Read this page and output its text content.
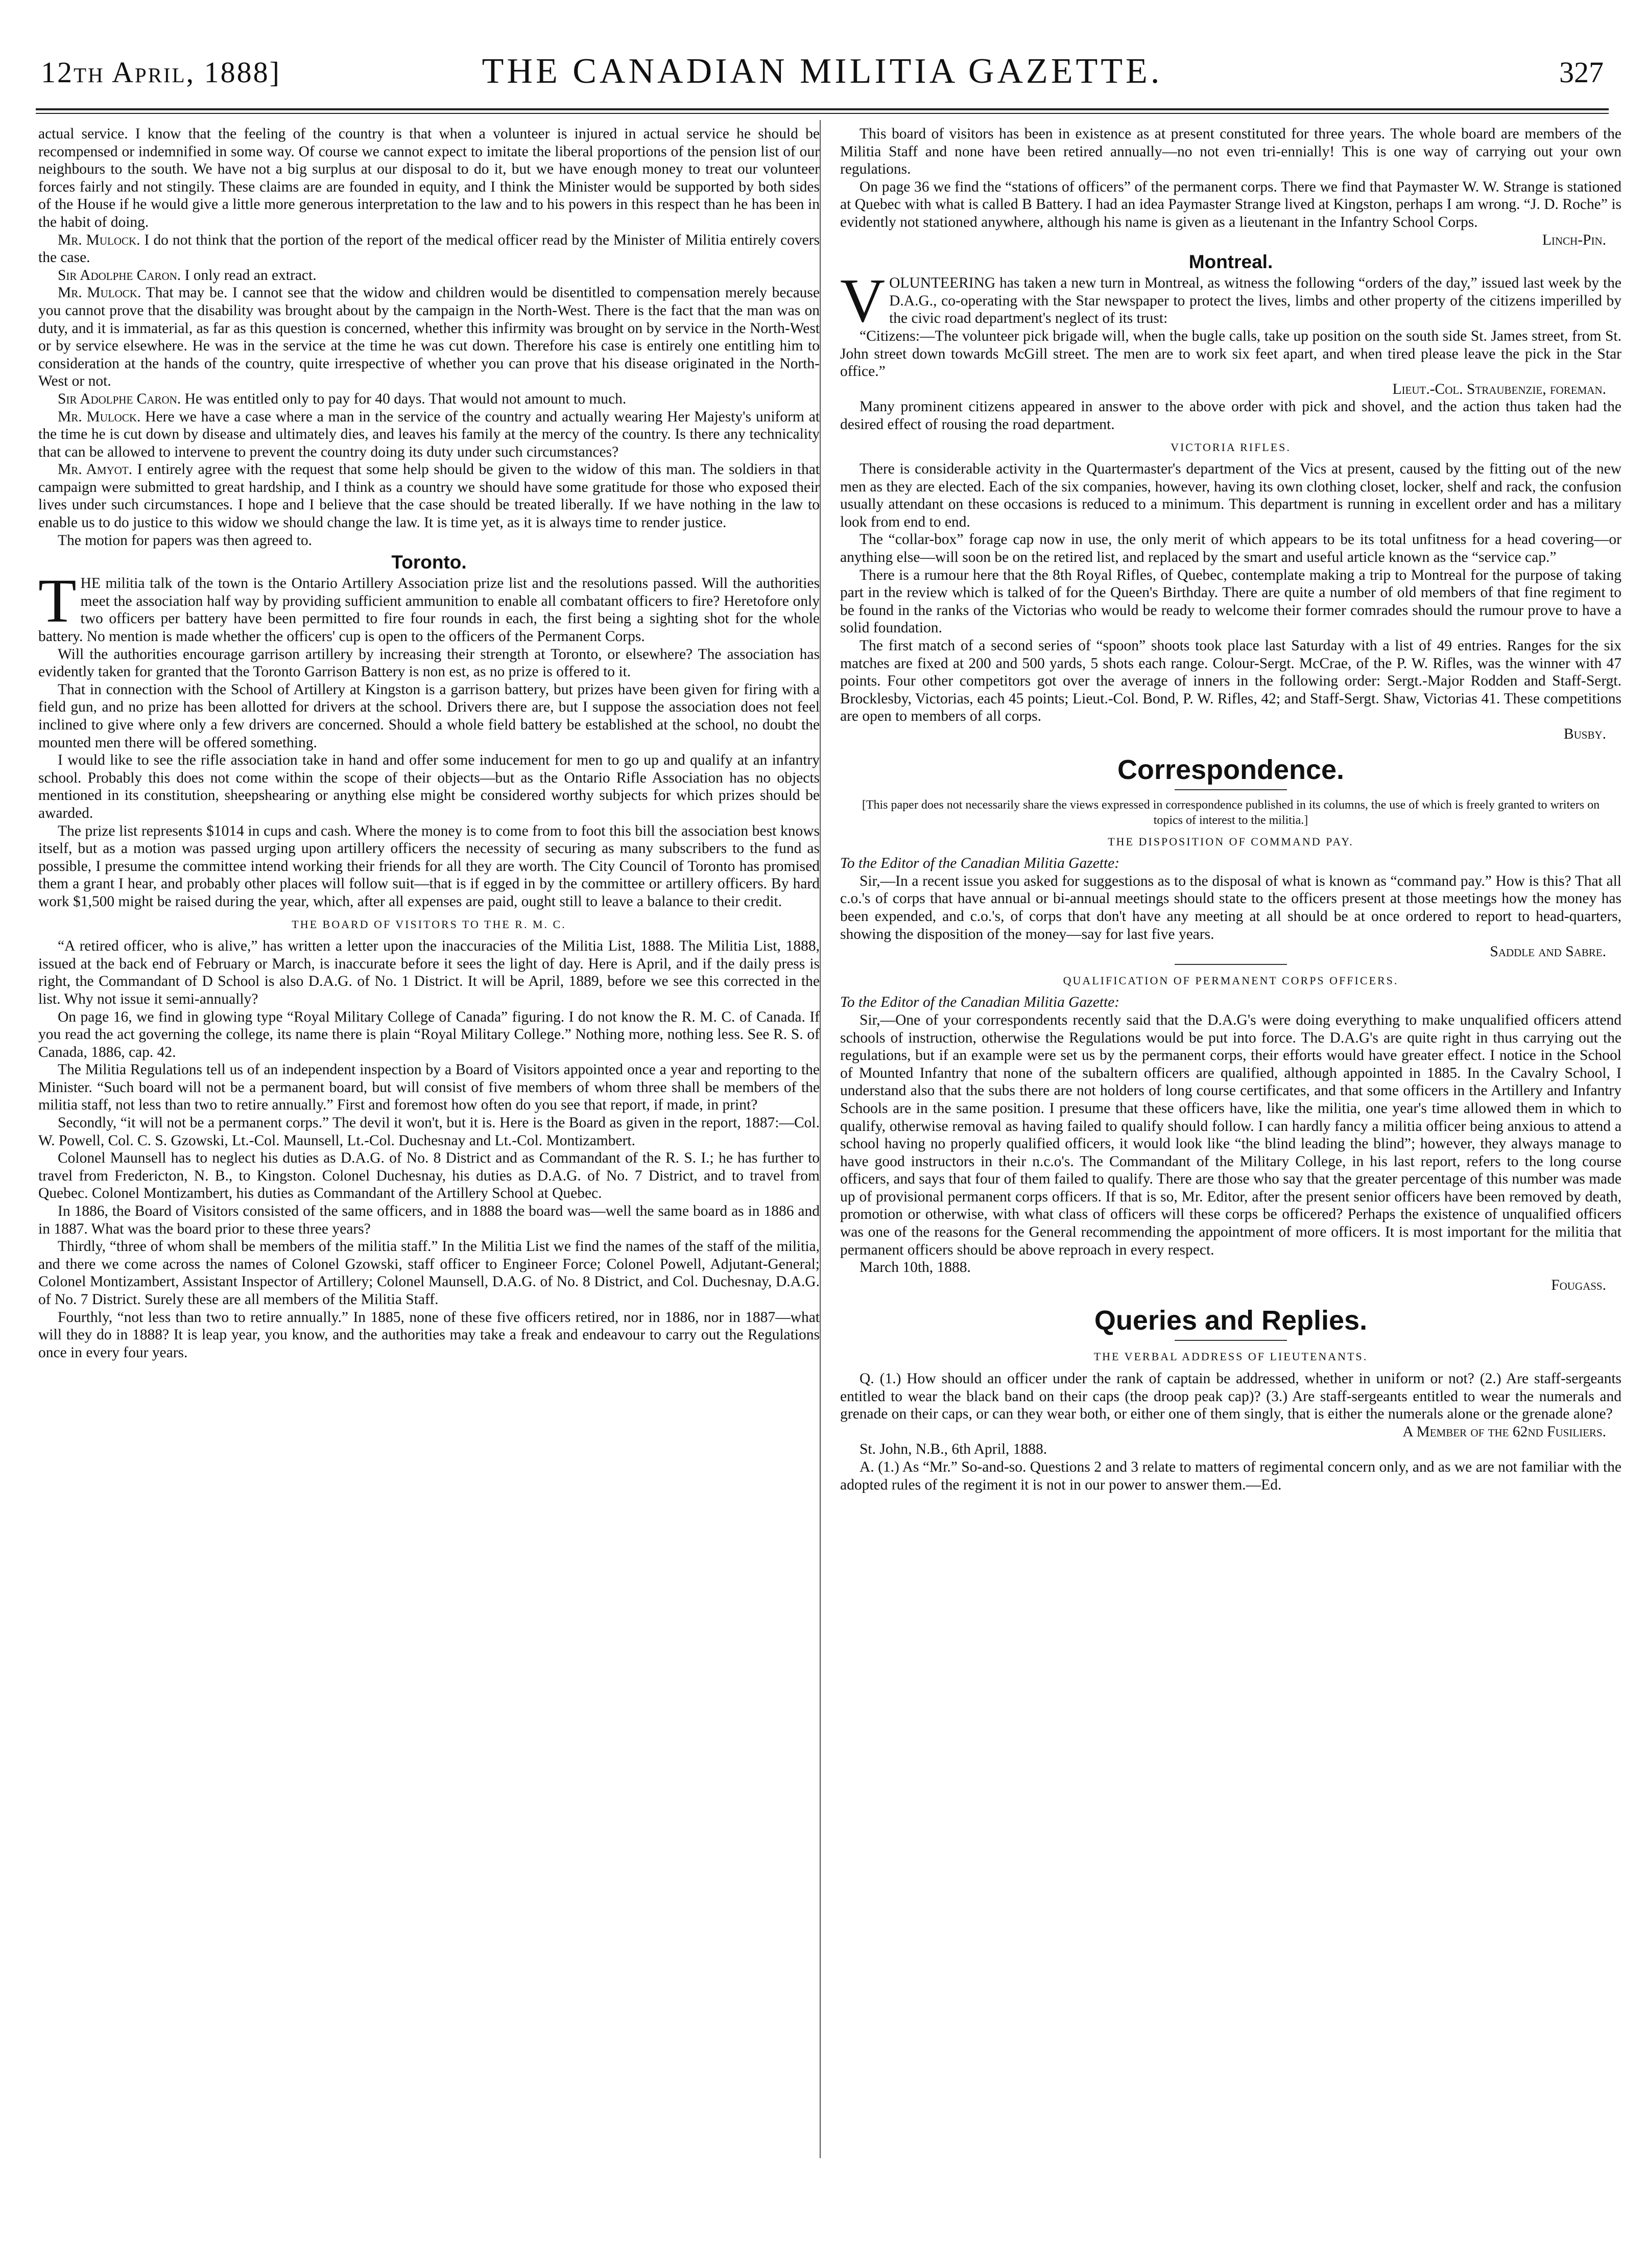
12th April, 1888]	THE CANADIAN MILITIA GAZETTE.	327

actual service. I know that the feeling of the country is that when a volunteer is injured in actual service he should be recompensed or indemnified in some way. Of course we cannot expect to imitate the liberal proportions of the pension list of our neighbours to the south. We have not a big surplus at our disposal to do it, but we have enough money to treat our volunteer forces fairly and not stingily. These claims are are founded in equity, and I think the Minister would be supported by both sides of the House if he would give a little more generous interpretation to the law and to his powers in this respect than he has been in the habit of doing.

Mr. Mulock. I do not think that the portion of the report of the medical officer read by the Minister of Militia entirely covers the case.

Sir Adolphe Caron. I only read an extract.

Mr. Mulock. That may be. I cannot see that the widow and children would be disentitled to compensation merely because you cannot prove that the disability was brought about by the campaign in the North-West. There is the fact that the man was on duty, and it is immaterial, as far as this question is concerned, whether this infirmity was brought on by service in the North-West or by service elsewhere. He was in the service at the time he was cut down. Therefore his case is entirely one entitling him to consideration at the hands of the country, quite irrespective of whether you can prove that his disease originated in the North-West or not.

Sir Adolphe Caron. He was entitled only to pay for 40 days. That would not amount to much.

Mr. Mulock. Here we have a case where a man in the service of the country and actually wearing Her Majesty's uniform at the time he is cut down by disease and ultimately dies, and leaves his family at the mercy of the country. Is there any technicality that can be allowed to intervene to prevent the country doing its duty under such circumstances?

Mr. Amyot. I entirely agree with the request that some help should be given to the widow of this man. The soldiers in that campaign were submitted to great hardship, and I think as a country we should have some gratitude for those who exposed their lives under such circumstances. I hope and I believe that the case should be treated liberally. If we have nothing in the law to enable us to do justice to this widow we should change the law. It is time yet, as it is always time to render justice.

The motion for papers was then agreed to.

Toronto.

THE militia talk of the town is the Ontario Artillery Association prize list and the resolutions passed. Will the authorities meet the association half way by providing sufficient ammunition to enable all combatant officers to fire? Heretofore only two officers per battery have been permitted to fire four rounds in each, the first being a sighting shot for the whole battery. No mention is made whether the officers' cup is open to the officers of the Permanent Corps.

Will the authorities encourage garrison artillery by increasing their strength at Toronto, or elsewhere? The association has evidently taken for granted that the Toronto Garrison Battery is non est, as no prize is offered to it.

That in connection with the School of Artillery at Kingston is a garrison battery, but prizes have been given for firing with a field gun, and no prize has been allotted for drivers at the school. Drivers there are, but I suppose the association does not feel inclined to give where only a few drivers are concerned. Should a whole field battery be established at the school, no doubt the mounted men there will be offered something.

I would like to see the rifle association take in hand and offer some inducement for men to go up and qualify at an infantry school. Probably this does not come within the scope of their objects—but as the Ontario Rifle Association has no objects mentioned in its constitution, sheepshearing or anything else might be considered worthy subjects for which prizes should be awarded.

The prize list represents $1014 in cups and cash. Where the money is to come from to foot this bill the association best knows itself, but as a motion was passed urging upon artillery officers the necessity of securing as many subscribers to the fund as possible, I presume the committee intend working their friends for all they are worth. The City Council of Toronto has promised them a grant I hear, and probably other places will follow suit—that is if egged in by the committee or artillery officers. By hard work $1,500 might be raised during the year, which, after all expenses are paid, ought still to leave a balance to their credit.

THE BOARD OF VISITORS TO THE R. M. C.

“A retired officer, who is alive,” has written a letter upon the inaccuracies of the Militia List, 1888. The Militia List, 1888, issued at the back end of February or March, is inaccurate before it sees the light of day. Here is April, and if the daily press is right, the Commandant of D School is also D.A.G. of No. 1 District. It will be April, 1889, before we see this corrected in the list. Why not issue it semi-annually?

On page 16, we find in glowing type “Royal Military College of Canada” figuring. I do not know the R. M. C. of Canada. If you read the act governing the college, its name there is plain “Royal Military College.” Nothing more, nothing less. See R. S. of Canada, 1886, cap. 42.

The Militia Regulations tell us of an independent inspection by a Board of Visitors appointed once a year and reporting to the Minister. “Such board will not be a permanent board, but will consist of five members of whom three shall be members of the militia staff, not less than two to retire annually.” First and foremost how often do you see that report, if made, in print?

Secondly, “it will not be a permanent corps.” The devil it won't, but it is. Here is the Board as given in the report, 1887:—Col. W. Powell, Col. C. S. Gzowski, Lt.-Col. Maunsell, Lt.-Col. Duchesnay and Lt.-Col. Montizambert.

Colonel Maunsell has to neglect his duties as D.A.G. of No. 8 District and as Commandant of the R. S. I.; he has further to travel from Fredericton, N. B., to Kingston. Colonel Duchesnay, his duties as D.A.G. of No. 7 District, and to travel from Quebec. Colonel Montizambert, his duties as Commandant of the Artillery School at Quebec.

In 1886, the Board of Visitors consisted of the same officers, and in 1888 the board was—well the same board as in 1886 and in 1887. What was the board prior to these three years?

Thirdly, “three of whom shall be members of the militia staff.” In the Militia List we find the names of the staff of the militia, and there we come across the names of Colonel Gzowski, staff officer to Engineer Force; Colonel Powell, Adjutant-General; Colonel Montizambert, Assistant Inspector of Artillery; Colonel Maunsell, D.A.G. of No. 8 District, and Col. Duchesnay, D.A.G. of No. 7 District. Surely these are all members of the Militia Staff.

Fourthly, “not less than two to retire annually.” In 1885, none of these five officers retired, nor in 1886, nor in 1887—what will they do in 1888? It is leap year, you know, and the authorities may take a freak and endeavour to carry out the Regulations once in every four years.

This board of visitors has been in existence as at present constituted for three years. The whole board are members of the Militia Staff and none have been retired annually—no not even tri-ennially! This is one way of carrying out your own regulations.

On page 36 we find the “stations of officers” of the permanent corps. There we find that Paymaster W. W. Strange is stationed at Quebec with what is called B Battery. I had an idea Paymaster Strange lived at Kingston, perhaps I am wrong. “J. D. Roche” is evidently not stationed anywhere, although his name is given as a lieutenant in the Infantry School Corps.

Linch-Pin.
Montreal.

VOLUNTEERING has taken a new turn in Montreal, as witness the following “orders of the day,” issued last week by the D.A.G., co-operating with the Star newspaper to protect the lives, limbs and other property of the citizens imperilled by the civic road department's neglect of its trust:

“Citizens:—The volunteer pick brigade will, when the bugle calls, take up position on the south side St. James street, from St. John street down towards McGill street. The men are to work six feet apart, and when tired please leave the pick in the Star office.”

Lieut.-Col. Straubenzie, foreman.

Many prominent citizens appeared in answer to the above order with pick and shovel, and the action thus taken had the desired effect of rousing the road department.

VICTORIA RIFLES.

There is considerable activity in the Quartermaster's department of the Vics at present, caused by the fitting out of the new men as they are elected. Each of the six companies, however, having its own clothing closet, locker, shelf and rack, the confusion usually attendant on these occasions is reduced to a minimum. This department is running in excellent order and has a military look from end to end.

The “collar-box” forage cap now in use, the only merit of which appears to be its total unfitness for a head covering—or anything else—will soon be on the retired list, and replaced by the smart and useful article known as the “service cap.”

There is a rumour here that the 8th Royal Rifles, of Quebec, contemplate making a trip to Montreal for the purpose of taking part in the review which is talked of for the Queen's Birthday. There are quite a number of old members of that fine regiment to be found in the ranks of the Victorias who would be ready to welcome their former comrades should the rumour prove to have a solid foundation.

The first match of a second series of “spoon” shoots took place last Saturday with a list of 49 entries. Ranges for the six matches are fixed at 200 and 500 yards, 5 shots each range. Colour-Sergt. McCrae, of the P. W. Rifles, was the winner with 47 points. Four other competitors got over the average of inners in the following order: Sergt.-Major Rodden and Staff-Sergt. Brocklesby, Victorias, each 45 points; Lieut.-Col. Bond, P. W. Rifles, 42; and Staff-Sergt. Shaw, Victorias 41. These competitions are open to members of all corps.

Busby.
Correspondence.
[This paper does not necessarily share the views expressed in correspondence published in its columns, the use of which is freely granted to writers on topics of interest to the militia.]
THE DISPOSITION OF COMMAND PAY.

To the Editor of the Canadian Militia Gazette:

Sir,—In a recent issue you asked for suggestions as to the disposal of what is known as “command pay.” How is this? That all c.o.'s of corps that have annual or bi-annual meetings should state to the officers present at those meetings how the money has been expended, and c.o.'s, of corps that don't have any meeting at all should be at once ordered to report to head-quarters, showing the disposition of the money—say for last five years.

Saddle and Sabre.
QUALIFICATION OF PERMANENT CORPS OFFICERS.

To the Editor of the Canadian Militia Gazette:

Sir,—One of your correspondents recently said that the D.A.G's were doing everything to make unqualified officers attend schools of instruction, otherwise the Regulations would be put into force. The D.A.G's are quite right in thus carrying out the regulations, but if an example were set us by the permanent corps, their efforts would have greater effect. I notice in the School of Mounted Infantry that none of the subaltern officers are qualified, although appointed in 1885. In the Cavalry School, I understand also that the subs there are not holders of long course certificates, and that some officers in the Artillery and Infantry Schools are in the same position. I presume that these officers have, like the militia, one year's time allowed them in which to qualify, otherwise removal as having failed to qualify should follow. I can hardly fancy a militia officer being anxious to attend a school having no properly qualified officers, it would look like “the blind leading the blind”; however, they always manage to have good instructors in their n.c.o's. The Commandant of the Military College, in his last report, refers to the long course officers, and says that four of them failed to qualify. There are those who say that the greater percentage of this number was made up of provisional permanent corps officers. If that is so, Mr. Editor, after the present senior officers have been removed by death, promotion or otherwise, with what class of officers will these corps be officered? Perhaps the existence of unqualified officers was one of the reasons for the General recommending the appointment of more officers. It is most important for the militia that permanent officers should be above reproach in every respect.

March 10th, 1888.

Fougass.
Queries and Replies.
THE VERBAL ADDRESS OF LIEUTENANTS.

Q. (1.) How should an officer under the rank of captain be addressed, whether in uniform or not? (2.) Are staff-sergeants entitled to wear the black band on their caps (the droop peak cap)? (3.) Are staff-sergeants entitled to wear the numerals and grenade on their caps, or can they wear both, or either one of them singly, that is either the numerals alone or the grenade alone?

A Member of the 62nd Fusiliers.

St. John, N.B., 6th April, 1888.

A. (1.) As “Mr.” So-and-so. Questions 2 and 3 relate to matters of regimental concern only, and as we are not familiar with the adopted rules of the regiment it is not in our power to answer them.—Ed.
